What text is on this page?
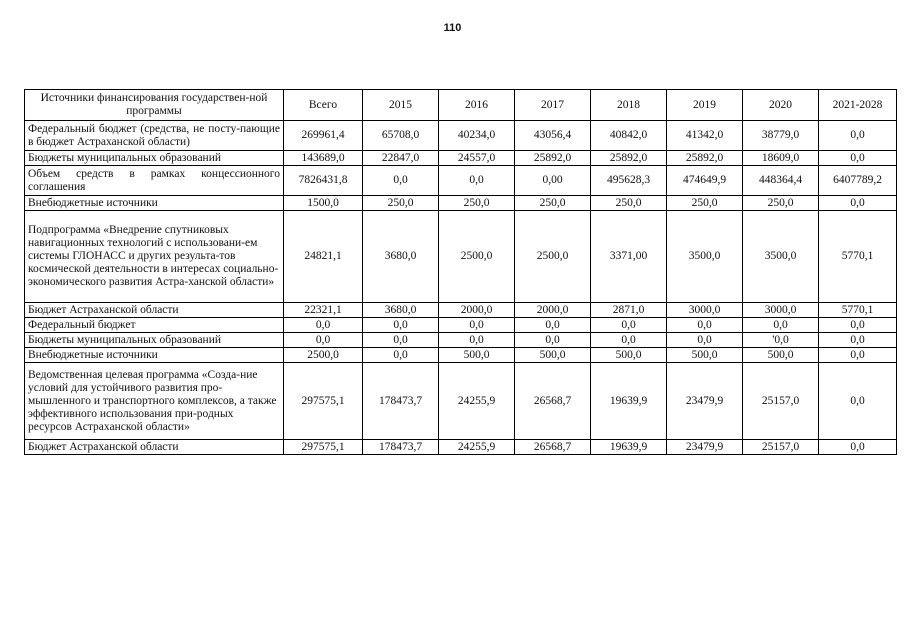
110
Источники финансирования государствен-ной программы	Всего	2015	2016	2017	2018	2019	2020	2021-2028
Федеральный бюджет (средства, не посту-пающие в бюджет Астраханской области)	269961,4	65708,0	40234,0	43056,4	40842,0	41342,0	38779,0	0,0
Бюджеты муниципальных образований	143689,0	22847,0	24557,0	25892,0	25892,0	25892,0	18609,0	0,0
Объем средств в рамках концессионного соглашения	7826431,8	0,0	0,0	0,00	495628,3	474649,9	448364,4	6407789,2
Внебюджетные источники	1500,0	250,0	250,0	250,0	250,0	250,0	250,0	0,0
Подпрограмма «Внедрение спутниковых навигационных технологий с использовани-ем системы ГЛОНАСС и других результа-тов космической деятельности в интересах социально-экономического развития Астра-ханской области»	24821,1	3680,0	2500,0	2500,0	3371,00	3500,0	3500,0	5770,1
Бюджет Астраханской области	22321,1	3680,0	2000,0	2000,0	2871,0	3000,0	3000,0	5770,1
Федеральный бюджет	0,0	0,0	0,0	0,0	0,0	0,0	0,0	0,0
Бюджеты муниципальных образований	0,0	0,0	0,0	0,0	0,0	0,0	'0,0	0,0
Внебюджетные источники	2500,0	0,0	500,0	500,0	500,0	500,0	500,0	0,0
Ведомственная целевая программа «Созда-ние условий для устойчивого развития про-мышленного и транспортного комплексов, а также эффективного использования при-родных ресурсов Астраханской области»	297575,1	178473,7	24255,9	26568,7	19639,9	23479,9	25157,0	0,0
Бюджет Астраханской области	297575,1	178473,7	24255,9	26568,7	19639,9	23479,9	25157,0	0,0
